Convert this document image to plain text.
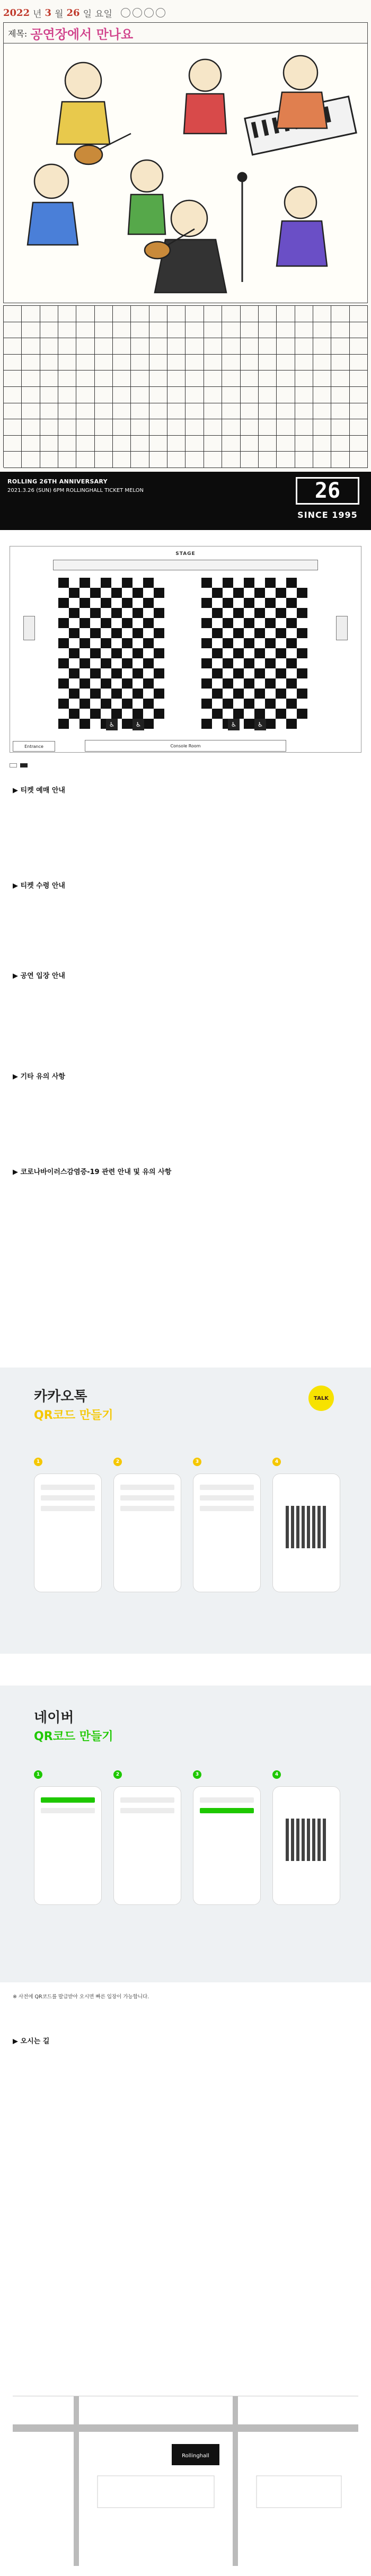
2022 년 3 월 26 일 요일
제목: 공연장에서 만나요
ROLLING 26TH ANNIVERSARY
2021.3.26 (SUN) 6PM ROLLINGHALL TICKET MELON	26
SINCE 1995
STAGE
♿	♿	♿	♿
Entrance	Console Room
▶ 티켓 예매 안내

▶ 티켓 수령 안내

▶ 공연 입장 안내

▶ 기타 유의 사항

▶ 코로나바이러스감염증-19 관련 안내 및 유의 사항

카카오톡
QR코드 만들기
TALK
1	2	3	4
네이버
QR코드 만들기
1	2	3	4

※ 사전에 QR코드를 발급받아 오시면 빠른 입장이 가능합니다.

▶ 오시는 길

Rollinghall
